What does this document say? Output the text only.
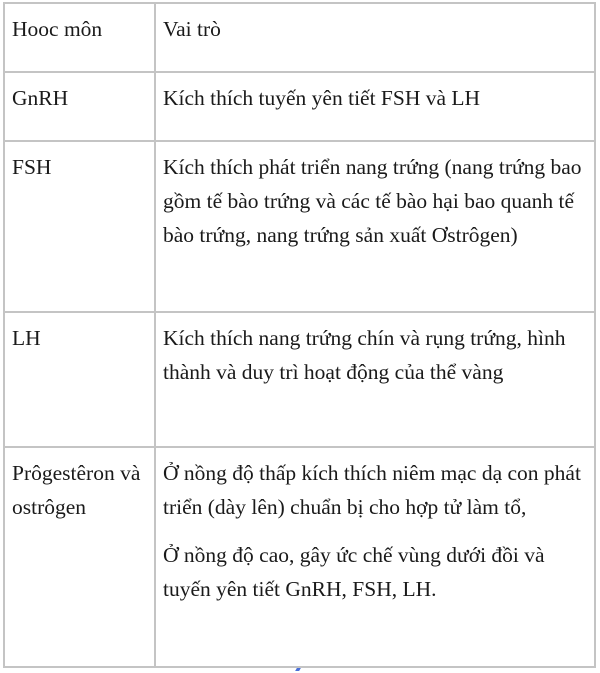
Hooc môn	Vai trò
GnRH	Kích thích tuyến yên tiết FSH và LH

FSH	Kích thích phát triển nang trứng (nang trứng bao gồm tế bào trứng và các tế bào hại bao quanh tế bào trứng, nang trứng sản xuất Ơstrôgen)

LH	Kích thích nang trứng chín và rụng trứng, hình thành và duy trì hoạt động của thể vàng

Prôgestêron và ostrôgen	Ở nồng độ thấp kích thích niêm mạc dạ con phát triển (dày lên) chuẩn bị cho hợp tử làm tổ,

Ở nồng độ cao, gây ức chế vùng dưới đồi và tuyến yên tiết GnRH, FSH, LH.
